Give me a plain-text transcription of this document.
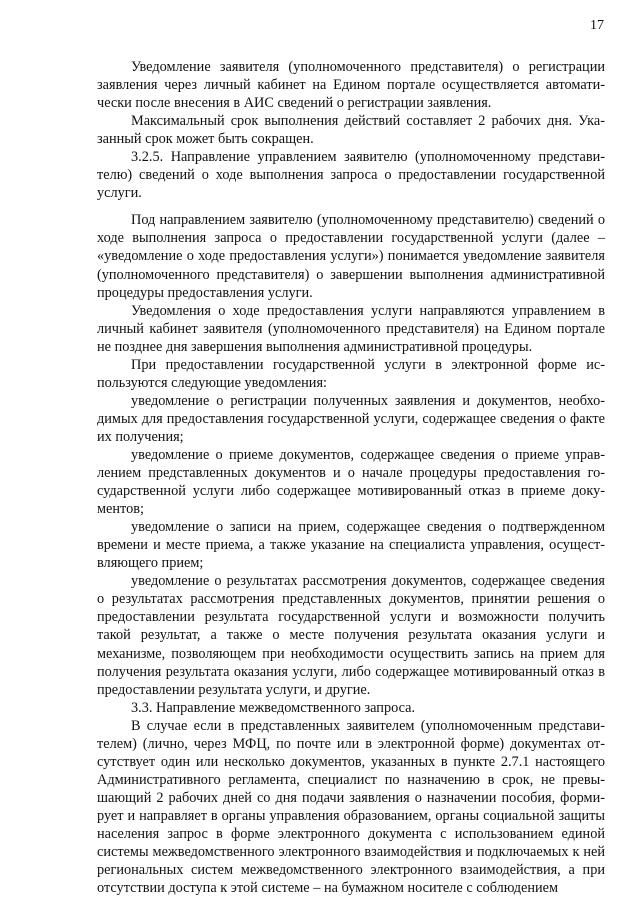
17

Уведомление заявителя (уполномоченного представителя) о регистрации заявления через личный кабинет на Едином портале осуществляется автоматически после внесения в АИС сведений о регистрации заявления.

Максимальный срок выполнения действий составляет 2 рабочих дня. Указанный срок может быть сокращен.

3.2.5. Направление управлением заявителю (уполномоченному представителю) сведений о ходе выполнения запроса о предоставлении государственной услуги.

Под направлением заявителю (уполномоченному представителю) сведений о ходе выполнения запроса о предоставлении государственной услуги (далее – «уведомление о ходе предоставления услуги») понимается уведомление заявителя (уполномоченного представителя) о завершении выполнения административной процедуры предоставления услуги.

Уведомления о ходе предоставления услуги направляются управлением в личный кабинет заявителя (уполномоченного представителя) на Едином портале не позднее дня завершения выполнения административной процедуры.

При предоставлении государственной услуги в электронной форме используются следующие уведомления:

уведомление о регистрации полученных заявления и документов, необходимых для предоставления государственной услуги, содержащее сведения о факте их получения;

уведомление о приеме документов, содержащее сведения о приеме управлением представленных документов и о начале процедуры предоставления государственной услуги либо содержащее мотивированный отказ в приеме документов;

уведомление о записи на прием, содержащее сведения о подтвержденном времени и месте приема, а также указание на специалиста управления, осуществляющего прием;

уведомление о результатах рассмотрения документов, содержащее сведения о результатах рассмотрения представленных документов, принятии решения о предоставлении результата государственной услуги и возможности получить такой результат, а также о месте получения результата оказания услуги и механизме, позволяющем при необходимости осуществить запись на прием для получения результата оказания услуги, либо содержащее мотивированный отказ в предоставлении результата услуги, и другие.

3.3. Направление межведомственного запроса.

В случае если в представленных заявителем (уполномоченным представителем) (лично, через МФЦ, по почте или в электронной форме) документах отсутствует один или несколько документов, указанных в пункте 2.7.1 настоящего Административного регламента, специалист по назначению в срок, не превышающий 2 рабочих дней со дня подачи заявления о назначении пособия, формирует и направляет в органы управления образованием, органы социальной защиты населения запрос в форме электронного документа с использованием единой системы межведомственного электронного взаимодействия и подключаемых к ней региональных систем межведомственного электронного взаимодействия, а при отсутствии доступа к этой системе – на бумажном носителе с соблюдением
